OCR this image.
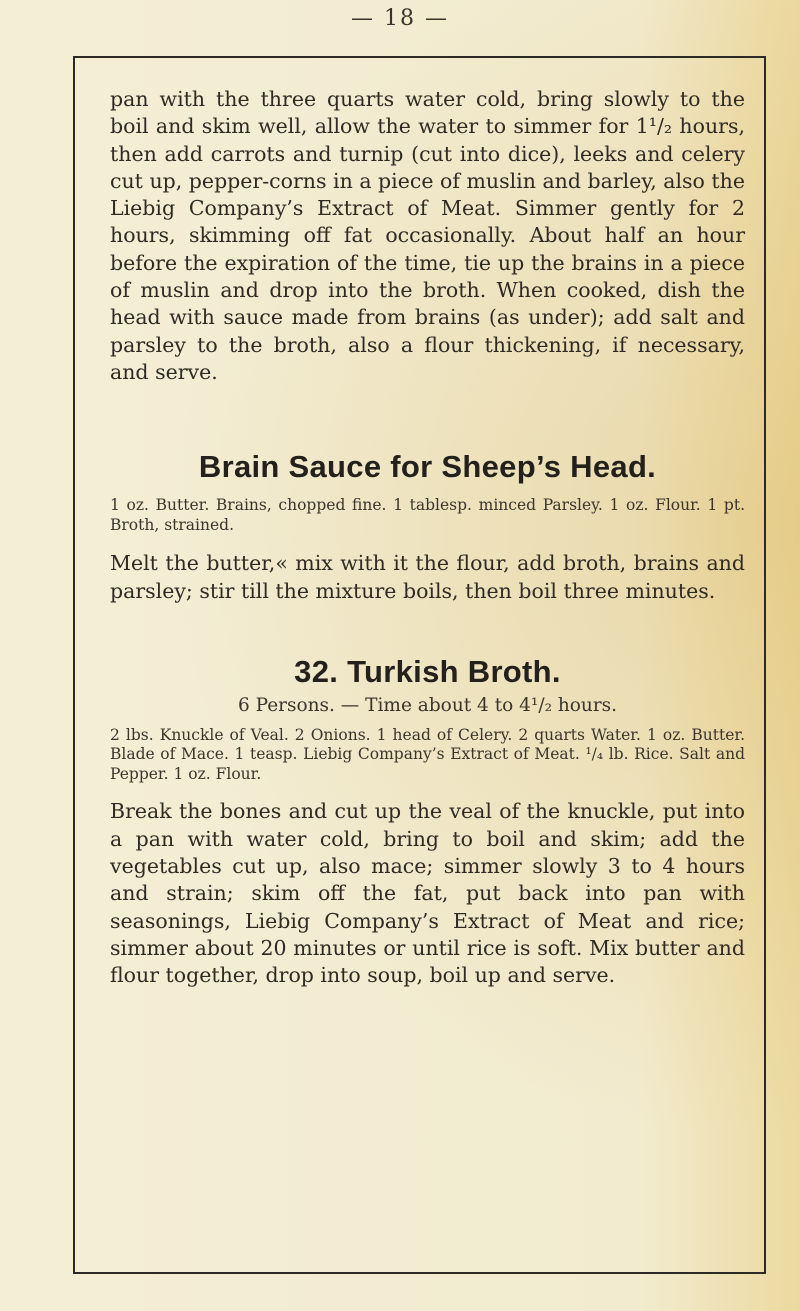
— 18 —

pan with the three quarts water cold, bring slowly to the boil and skim well, allow the water to simmer for 1¹/₂ hours, then add carrots and turnip (cut into dice), leeks and celery cut up, pepper-corns in a piece of muslin and barley, also the Liebig Company’s Extract of Meat. Simmer gently for 2 hours, skimming off fat occasionally. About half an hour before the expiration of the time, tie up the brains in a piece of muslin and drop into the broth. When cooked, dish the head with sauce made from brains (as under); add salt and parsley to the broth, also a flour thickening, if necessary, and serve.

Brain Sauce for Sheep’s Head.

1 oz. Butter. Brains, chopped fine. 1 tablesp. minced Parsley. 1 oz. Flour. 1 pt. Broth, strained.

Melt the butter,« mix with it the flour, add broth, brains and parsley; stir till the mixture boils, then boil three minutes.

32. Turkish Broth.

6 Persons. — Time about 4 to 4¹/₂ hours.

2 lbs. Knuckle of Veal. 2 Onions. 1 head of Celery. 2 quarts Water. 1 oz. Butter. Blade of Mace. 1 teasp. Liebig Company’s Extract of Meat. ¹/₄ lb. Rice. Salt and Pepper. 1 oz. Flour.

Break the bones and cut up the veal of the knuckle, put into a pan with water cold, bring to boil and skim; add the vegetables cut up, also mace; simmer slowly 3 to 4 hours and strain; skim off the fat, put back into pan with seasonings, Liebig Company’s Extract of Meat and rice; simmer about 20 minutes or until rice is soft. Mix butter and flour together, drop into soup, boil up and serve.
